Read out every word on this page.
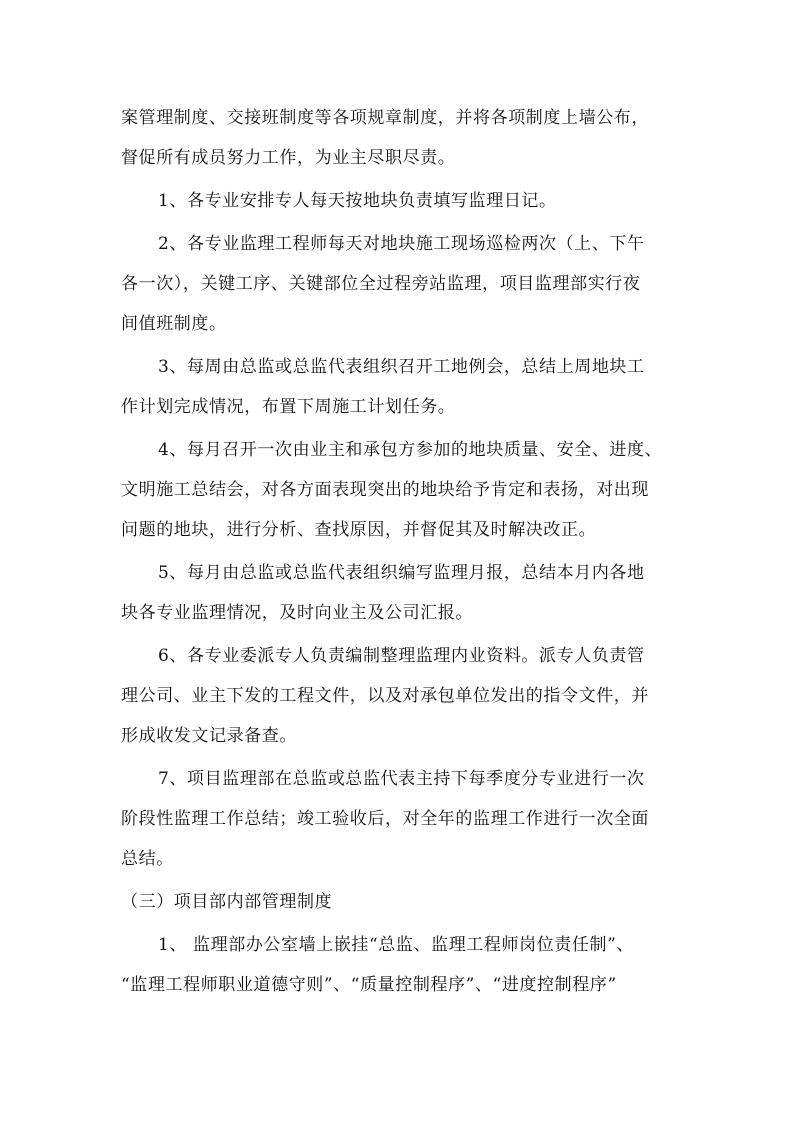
案管理制度、交接班制度等各项规章制度，并将各项制度上墙公布，
督促所有成员努力工作，为业主尽职尽责。
1、各专业安排专人每天按地块负责填写监理日记。
2、各专业监理工程师每天对地块施工现场巡检两次（上、下午
各一次），关键工序、关键部位全过程旁站监理，项目监理部实行夜
间值班制度。
3、每周由总监或总监代表组织召开工地例会，总结上周地块工
作计划完成情况，布置下周施工计划任务。
4、每月召开一次由业主和承包方参加的地块质量、安全、进度、
文明施工总结会，对各方面表现突出的地块给予肯定和表扬，对出现
问题的地块，进行分析、查找原因，并督促其及时解决改正。
5、每月由总监或总监代表组织编写监理月报，总结本月内各地
块各专业监理情况，及时向业主及公司汇报。
6、各专业委派专人负责编制整理监理内业资料。派专人负责管
理公司、业主下发的工程文件，以及对承包单位发出的指令文件，并
形成收发文记录备查。
7、项目监理部在总监或总监代表主持下每季度分专业进行一次
阶段性监理工作总结；竣工验收后，对全年的监理工作进行一次全面
总结。
（三）项目部内部管理制度
1、 监理部办公室墙上嵌挂“总监、监理工程师岗位责任制”、
“监理工程师职业道德守则”、“质量控制程序”、“进度控制程序”
